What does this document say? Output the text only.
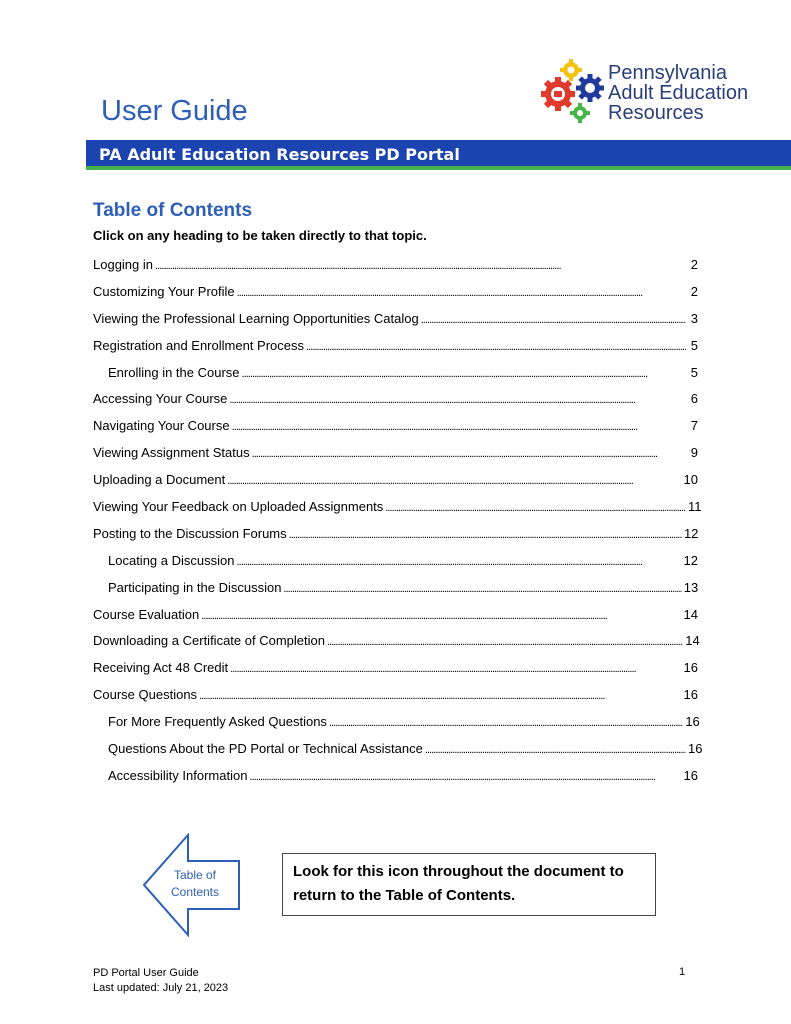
User Guide
Pennsylvania
Adult Education
Resources
PA Adult Education Resources PD Portal
Table of Contents
Click on any heading to be taken directly to that topic.
Logging in . . .	2
Customizing Your Profile . . .	2
Viewing the Professional Learning Opportunities Catalog . . .	3
Registration and Enrollment Process . . .	5
Enrolling in the Course . . .	5
Accessing Your Course . . .	6
Navigating Your Course . . .	7
Viewing Assignment Status . . .	9
Uploading a Document . . .	10
Viewing Your Feedback on Uploaded Assignments . . .	11
Posting to the Discussion Forums . . .	12
Locating a Discussion . . .	12
Participating in the Discussion . . .	13
Course Evaluation . . .	14
Downloading a Certificate of Completion . . .	14
Receiving Act 48 Credit . . .	16
Course Questions . . .	16
For More Frequently Asked Questions . . .	16
Questions About the PD Portal or Technical Assistance . . .	16
Accessibility Information . . .	16
Table of
Contents
Look for this icon throughout the document to return to the Table of Contents.
PD Portal User Guide
Last updated: July 21, 2023
1
